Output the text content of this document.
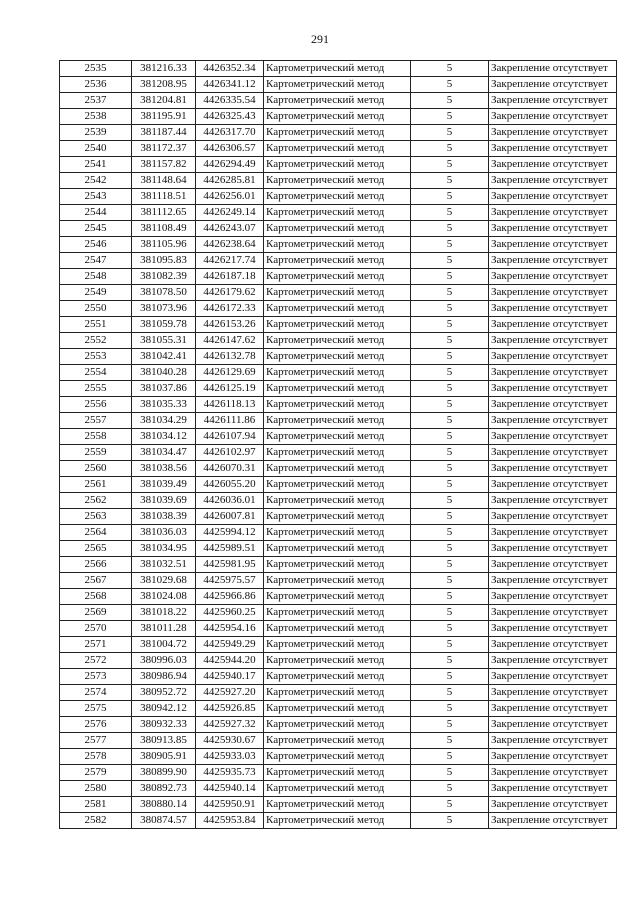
291
2535	381216.33	4426352.34	Картометрический метод	5	Закрепление отсутствует
2536	381208.95	4426341.12	Картометрический метод	5	Закрепление отсутствует
2537	381204.81	4426335.54	Картометрический метод	5	Закрепление отсутствует
2538	381195.91	4426325.43	Картометрический метод	5	Закрепление отсутствует
2539	381187.44	4426317.70	Картометрический метод	5	Закрепление отсутствует
2540	381172.37	4426306.57	Картометрический метод	5	Закрепление отсутствует
2541	381157.82	4426294.49	Картометрический метод	5	Закрепление отсутствует
2542	381148.64	4426285.81	Картометрический метод	5	Закрепление отсутствует
2543	381118.51	4426256.01	Картометрический метод	5	Закрепление отсутствует
2544	381112.65	4426249.14	Картометрический метод	5	Закрепление отсутствует
2545	381108.49	4426243.07	Картометрический метод	5	Закрепление отсутствует
2546	381105.96	4426238.64	Картометрический метод	5	Закрепление отсутствует
2547	381095.83	4426217.74	Картометрический метод	5	Закрепление отсутствует
2548	381082.39	4426187.18	Картометрический метод	5	Закрепление отсутствует
2549	381078.50	4426179.62	Картометрический метод	5	Закрепление отсутствует
2550	381073.96	4426172.33	Картометрический метод	5	Закрепление отсутствует
2551	381059.78	4426153.26	Картометрический метод	5	Закрепление отсутствует
2552	381055.31	4426147.62	Картометрический метод	5	Закрепление отсутствует
2553	381042.41	4426132.78	Картометрический метод	5	Закрепление отсутствует
2554	381040.28	4426129.69	Картометрический метод	5	Закрепление отсутствует
2555	381037.86	4426125.19	Картометрический метод	5	Закрепление отсутствует
2556	381035.33	4426118.13	Картометрический метод	5	Закрепление отсутствует
2557	381034.29	4426111.86	Картометрический метод	5	Закрепление отсутствует
2558	381034.12	4426107.94	Картометрический метод	5	Закрепление отсутствует
2559	381034.47	4426102.97	Картометрический метод	5	Закрепление отсутствует
2560	381038.56	4426070.31	Картометрический метод	5	Закрепление отсутствует
2561	381039.49	4426055.20	Картометрический метод	5	Закрепление отсутствует
2562	381039.69	4426036.01	Картометрический метод	5	Закрепление отсутствует
2563	381038.39	4426007.81	Картометрический метод	5	Закрепление отсутствует
2564	381036.03	4425994.12	Картометрический метод	5	Закрепление отсутствует
2565	381034.95	4425989.51	Картометрический метод	5	Закрепление отсутствует
2566	381032.51	4425981.95	Картометрический метод	5	Закрепление отсутствует
2567	381029.68	4425975.57	Картометрический метод	5	Закрепление отсутствует
2568	381024.08	4425966.86	Картометрический метод	5	Закрепление отсутствует
2569	381018.22	4425960.25	Картометрический метод	5	Закрепление отсутствует
2570	381011.28	4425954.16	Картометрический метод	5	Закрепление отсутствует
2571	381004.72	4425949.29	Картометрический метод	5	Закрепление отсутствует
2572	380996.03	4425944.20	Картометрический метод	5	Закрепление отсутствует
2573	380986.94	4425940.17	Картометрический метод	5	Закрепление отсутствует
2574	380952.72	4425927.20	Картометрический метод	5	Закрепление отсутствует
2575	380942.12	4425926.85	Картометрический метод	5	Закрепление отсутствует
2576	380932.33	4425927.32	Картометрический метод	5	Закрепление отсутствует
2577	380913.85	4425930.67	Картометрический метод	5	Закрепление отсутствует
2578	380905.91	4425933.03	Картометрический метод	5	Закрепление отсутствует
2579	380899.90	4425935.73	Картометрический метод	5	Закрепление отсутствует
2580	380892.73	4425940.14	Картометрический метод	5	Закрепление отсутствует
2581	380880.14	4425950.91	Картометрический метод	5	Закрепление отсутствует
2582	380874.57	4425953.84	Картометрический метод	5	Закрепление отсутствует
